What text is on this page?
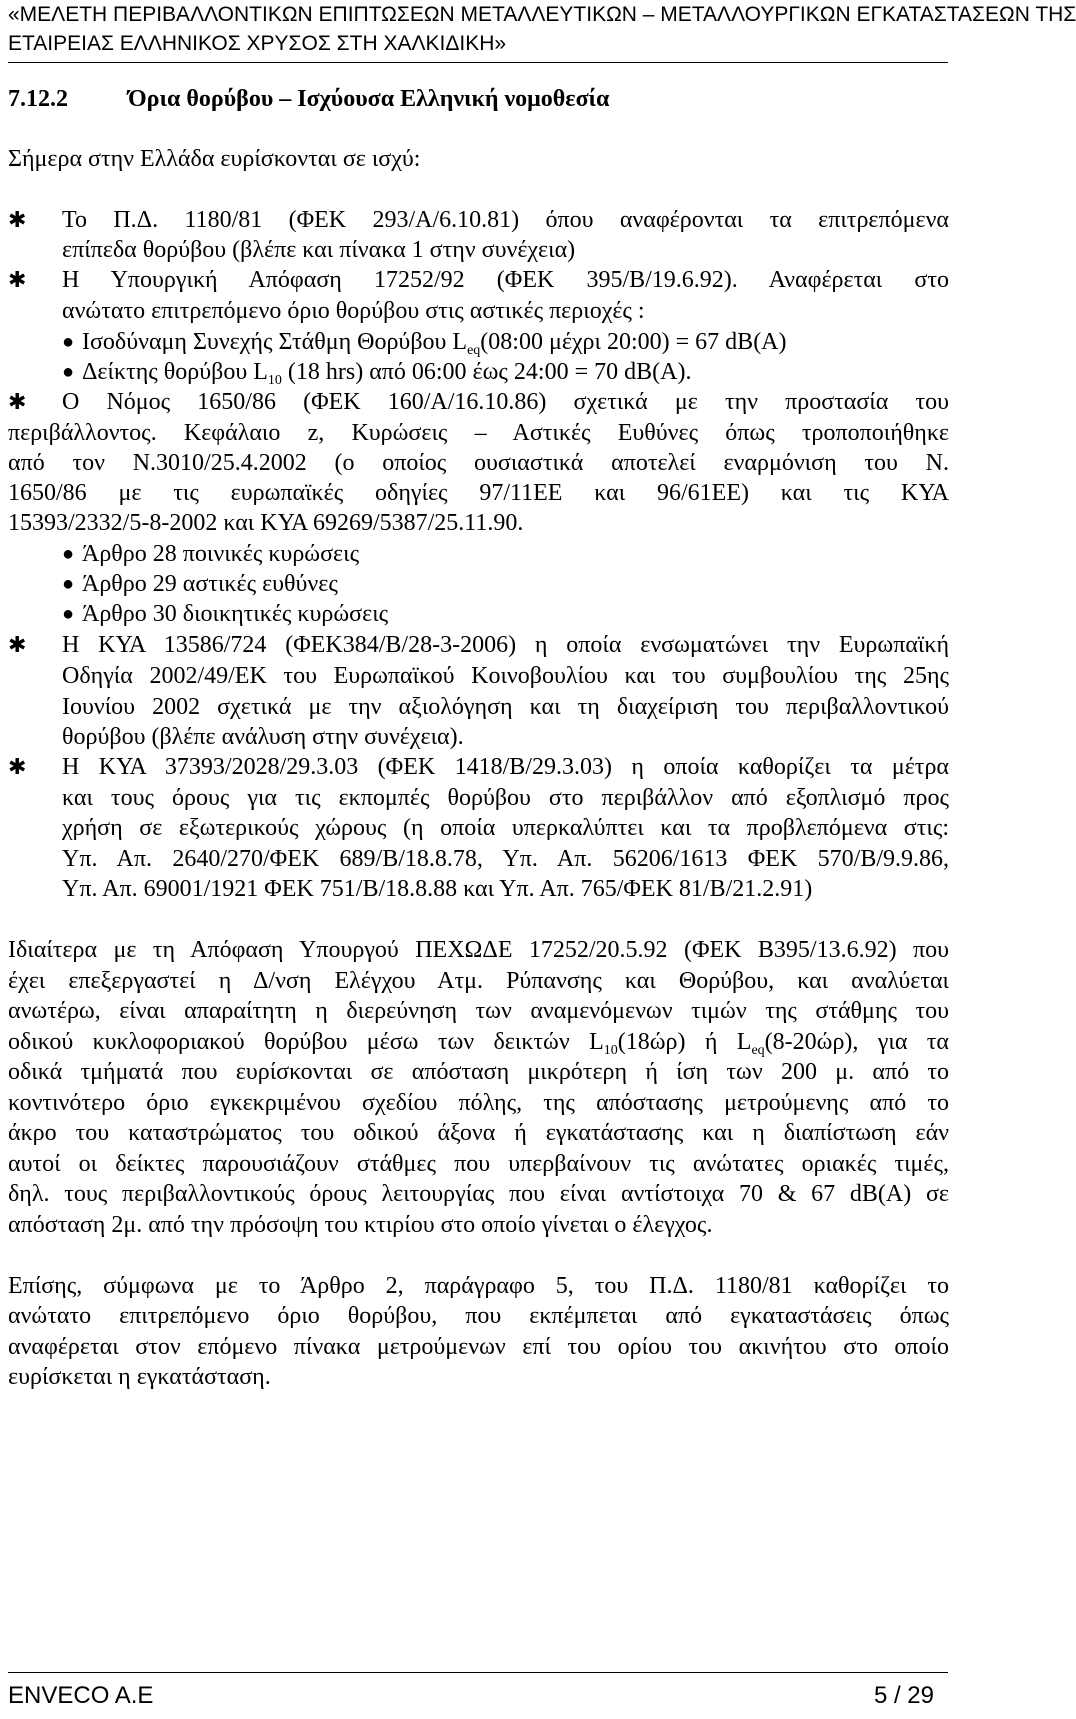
«ΜΕΛΕΤΗ ΠΕΡΙΒΑΛΛΟΝΤΙΚΩΝ ΕΠΙΠΤΩΣΕΩΝ ΜΕΤΑΛΛΕΥΤΙΚΩΝ – ΜΕΤΑΛΛΟΥΡΓΙΚΩΝ ΕΓΚΑΤΑΣΤΑΣΕΩΝ ΤΗΣ
ΕΤΑΙΡΕΙΑΣ ΕΛΛΗΝΙΚΟΣ ΧΡΥΣΟΣ ΣΤΗ ΧΑΛΚΙΔΙΚΗ»
7.12.2	Όρια θορύβου – Ισχύουσα Ελληνική νομοθεσία
Σήμερα στην Ελλάδα ευρίσκονται σε ισχύ:
✱ Το Π.Δ. 1180/81 (ΦΕΚ 293/Α/6.10.81) όπου αναφέρονται τα επιτρεπόμενα
επίπεδα θορύβου (βλέπε και πίνακα 1 στην συνέχεια)
✱ Η Υπουργική Απόφαση 17252/92 (ΦΕΚ 395/Β/19.6.92). Αναφέρεται στο
ανώτατο επιτρεπόμενο όριο θορύβου στις αστικές περιοχές :
● Ισοδύναμη Συνεχής Στάθμη Θορύβου $L_{eq}(08:00$ μέχρι 20:00) = 67 dB(A)
● Δείκτης θορύβου $L_{10}$ (18 hrs) από 06:00 έως 24:00 = 70 dB(A).
✱ Ο Νόμος 1650/86 (ΦΕΚ 160/Α/16.10.86) σχετικά με την προστασία του
περιβάλλοντος. Κεφάλαιο z, Κυρώσεις – Αστικές Ευθύνες όπως τροποποιήθηκε
από τον Ν.3010/25.4.2002 (ο οποίος ουσιαστικά αποτελεί εναρμόνιση του Ν.
1650/86 με τις ευρωπαϊκές οδηγίες 97/11ΕΕ και 96/61ΕΕ) και τις ΚΥΑ
15393/2332/5-8-2002 και ΚΥΑ 69269/5387/25.11.90.
● Άρθρο 28 ποινικές κυρώσεις
● Άρθρο 29 αστικές ευθύνες
● Άρθρο 30 διοικητικές κυρώσεις
✱ Η ΚΥΑ 13586/724 (ΦΕΚ384/Β/28-3-2006) η οποία ενσωματώνει την Ευρωπαϊκή
Οδηγία 2002/49/ΕΚ του Ευρωπαϊκού Κοινοβουλίου και του συμβουλίου της 25ης
Ιουνίου 2002 σχετικά με την αξιολόγηση και τη διαχείριση του περιβαλλοντικού
θορύβου (βλέπε ανάλυση στην συνέχεια).
✱ Η ΚΥΑ 37393/2028/29.3.03 (ΦΕΚ 1418/Β/29.3.03) η οποία καθορίζει τα μέτρα
και τους όρους για τις εκπομπές θορύβου στο περιβάλλον από εξοπλισμό προς
χρήση σε εξωτερικούς χώρους (η οποία υπερκαλύπτει και τα προβλεπόμενα στις:
Υπ. Απ. 2640/270/ΦΕΚ 689/Β/18.8.78, Υπ. Απ. 56206/1613 ΦΕΚ 570/Β/9.9.86,
Υπ. Απ. 69001/1921 ΦΕΚ 751/Β/18.8.88 και Υπ. Απ. 765/ΦΕΚ 81/Β/21.2.91)
Ιδιαίτερα με τη Απόφαση Υπουργού ΠΕΧΩΔΕ 17252/20.5.92 (ΦΕΚ Β395/13.6.92) που
έχει επεξεργαστεί η Δ/νση Ελέγχου Ατμ. Ρύπανσης και Θορύβου, και αναλύεται
ανωτέρω, είναι απαραίτητη η διερεύνηση των αναμενόμενων τιμών της στάθμης του
οδικού κυκλοφοριακού θορύβου μέσω των δεικτών $L_{10}(18ώ\rho)$ ή $L_{eq}(8-20ώ\rho)$, για τα
οδικά τμήματά που ευρίσκονται σε απόσταση μικρότερη ή ίση των 200 μ. από το
κοντινότερο όριο εγκεκριμένου σχεδίου πόλης, της απόστασης μετρούμενης από το
άκρο του καταστρώματος του οδικού άξονα ή εγκατάστασης και η διαπίστωση εάν
αυτοί οι δείκτες παρουσιάζουν στάθμες που υπερβαίνουν τις ανώτατες οριακές τιμές,
δηλ. τους περιβαλλοντικούς όρους λειτουργίας που είναι αντίστοιχα 70 & 67 dB(A) σε
απόσταση 2μ. από την πρόσοψη του κτιρίου στο οποίο γίνεται ο έλεγχος.
Επίσης, σύμφωνα με το Άρθρο 2, παράγραφο 5, του Π.Δ. 1180/81 καθορίζει το
ανώτατο επιτρεπόμενο όριο θορύβου, που εκπέμπεται από εγκαταστάσεις όπως
αναφέρεται στον επόμενο πίνακα μετρούμενων επί του ορίου του ακινήτου στο οποίο
ευρίσκεται η εγκατάσταση.
ENVECO A.E	5 / 29
